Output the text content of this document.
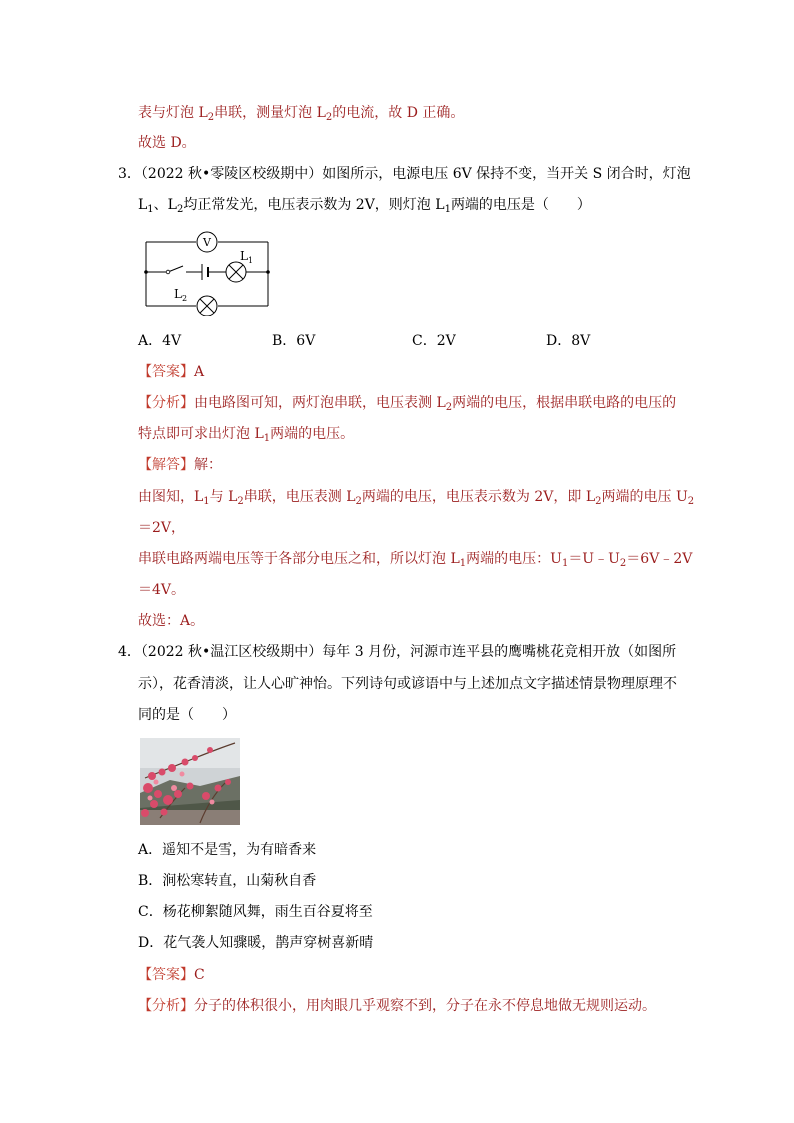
表与灯泡 $L_2$串联，测量灯泡 $L_2$的电流，故 D 正确。
故选 D。
3．（2022 秋•零陵区校级期中）如图所示，电源电压 6V 保持不变，当开关 S 闭合时，灯泡
$L_1$、$L_2$均正常发光，电压表示数为 2V，则灯泡 $L_1$两端的电压是（　　）
V
$L_1$
$L_2$
A．4V	B．6V	C．2V	D．8V
【答案】A
【分析】由电路图可知，两灯泡串联，电压表测 $L_2$两端的电压，根据串联电路的电压的
特点即可求出灯泡 $L_1$两端的电压。
【解答】解：
由图知，$L_1$与 $L_2$串联，电压表测 $L_2$两端的电压，电压表示数为 2V，即 $L_2$两端的电压 $U_2$
＝2V，
串联电路两端电压等于各部分电压之和，所以灯泡 $L_1$两端的电压：$U_1=U﹣U_2=6V﹣2V$
＝4V。
故选：A。
4．（2022 秋•温江区校级期中）每年 3 月份，河源市连平县的鹰嘴桃花竞相开放（如图所
示），花香清淡，让人心旷神怡。下列诗句或谚语中与上述加点文字描述情景物理原理不
同的是（　　）
A．遥知不是雪，为有暗香来
B．涧松寒转直，山菊秋自香
C．杨花柳絮随风舞，雨生百谷夏将至
D．花气袭人知骤暖，鹊声穿树喜新晴
【答案】C
【分析】分子的体积很小，用肉眼几乎观察不到，分子在永不停息地做无规则运动。
